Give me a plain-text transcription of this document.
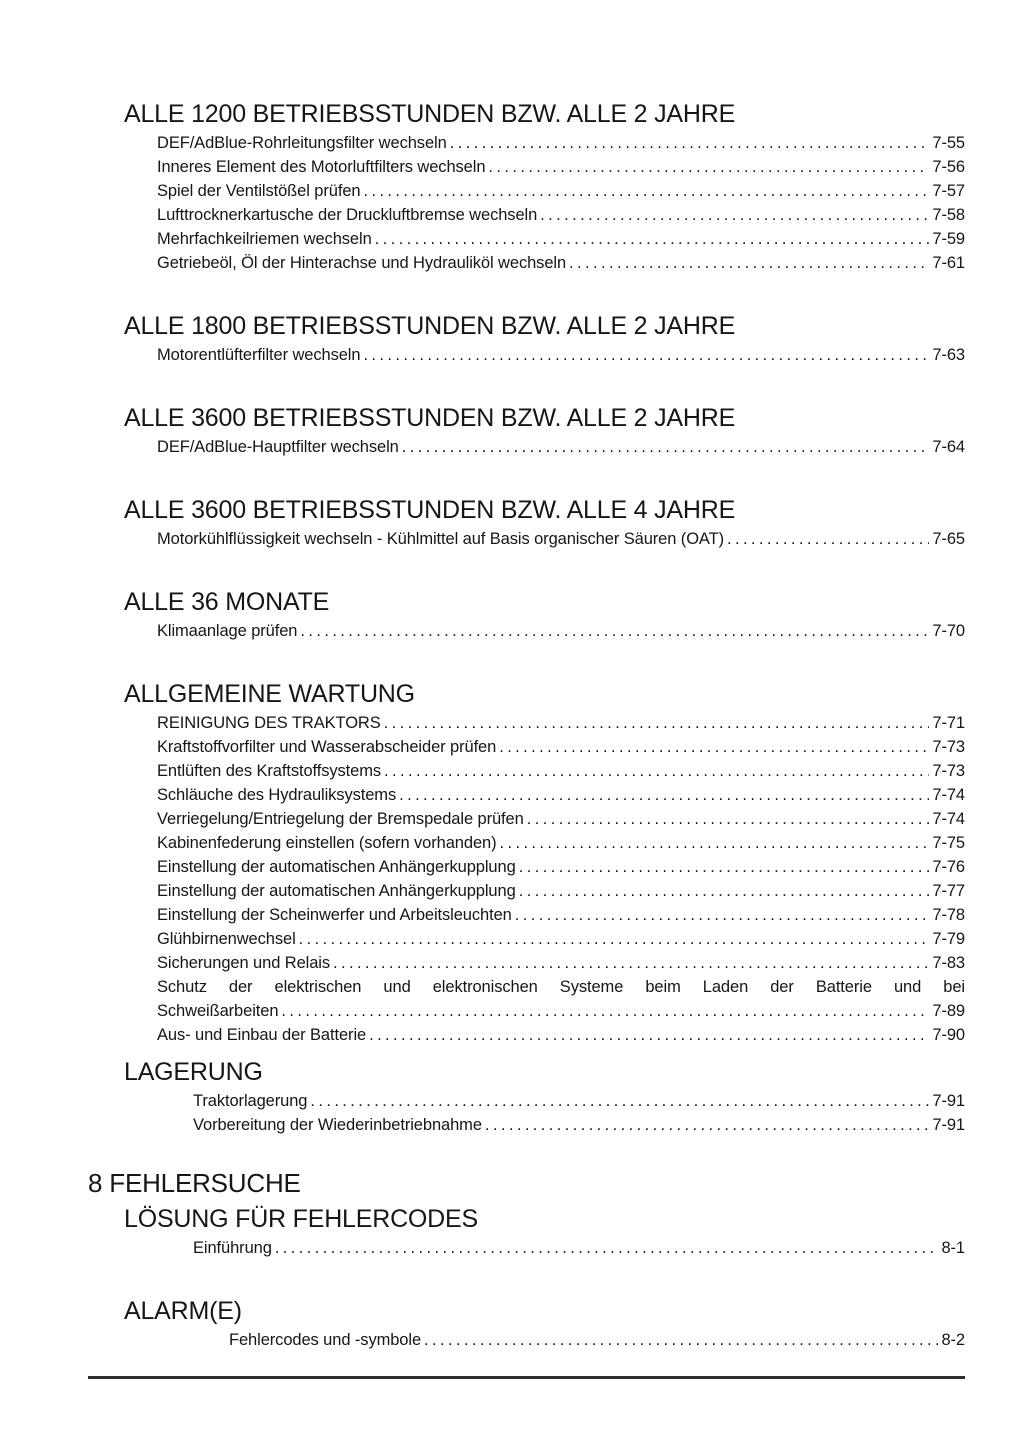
ALLE 1200 BETRIEBSSTUNDEN BZW. ALLE 2 JAHRE
DEF/AdBlue-Rohrleitungsfilter wechseln .....	7-55
Inneres Element des Motorluftfilters wechseln .....	7-56
Spiel der Ventilstößel prüfen .....	7-57
Lufttrocknerkartusche der Druckluftbremse wechseln .....	7-58
Mehrfachkeilriemen wechseln .....	7-59
Getriebeöl, Öl der Hinterachse und Hydrauliköl wechseln .....	7-61
ALLE 1800 BETRIEBSSTUNDEN BZW. ALLE 2 JAHRE
Motorentlüfterfilter wechseln .....	7-63
ALLE 3600 BETRIEBSSTUNDEN BZW. ALLE 2 JAHRE
DEF/AdBlue-Hauptfilter wechseln .....	7-64
ALLE 3600 BETRIEBSSTUNDEN BZW. ALLE 4 JAHRE
Motorkühlflüssigkeit wechseln - Kühlmittel auf Basis organischer Säuren (OAT) .....	7-65
ALLE 36 MONATE
Klimaanlage prüfen .....	7-70
ALLGEMEINE WARTUNG
REINIGUNG DES TRAKTORS .....	7-71
Kraftstoffvorfilter und Wasserabscheider prüfen .....	7-73
Entlüften des Kraftstoffsystems .....	7-73
Schläuche des Hydrauliksystems .....	7-74
Verriegelung/Entriegelung der Bremspedale prüfen .....	7-74
Kabinenfederung einstellen (sofern vorhanden) .....	7-75
Einstellung der automatischen Anhängerkupplung .....	7-76
Einstellung der automatischen Anhängerkupplung .....	7-77
Einstellung der Scheinwerfer und Arbeitsleuchten .....	7-78
Glühbirnenwechsel .....	7-79
Sicherungen und Relais .....	7-83
Schutz der elektrischen und elektronischen Systeme beim Laden der Batterie und bei
Schweißarbeiten .....	7-89
Aus- und Einbau der Batterie .....	7-90
LAGERUNG
Traktorlagerung .....	7-91
Vorbereitung der Wiederinbetriebnahme .....	7-91
8 FEHLERSUCHE
LÖSUNG FÜR FEHLERCODES
Einführung .....	8-1
ALARM(E)
Fehlercodes und -symbole .....	8-2
